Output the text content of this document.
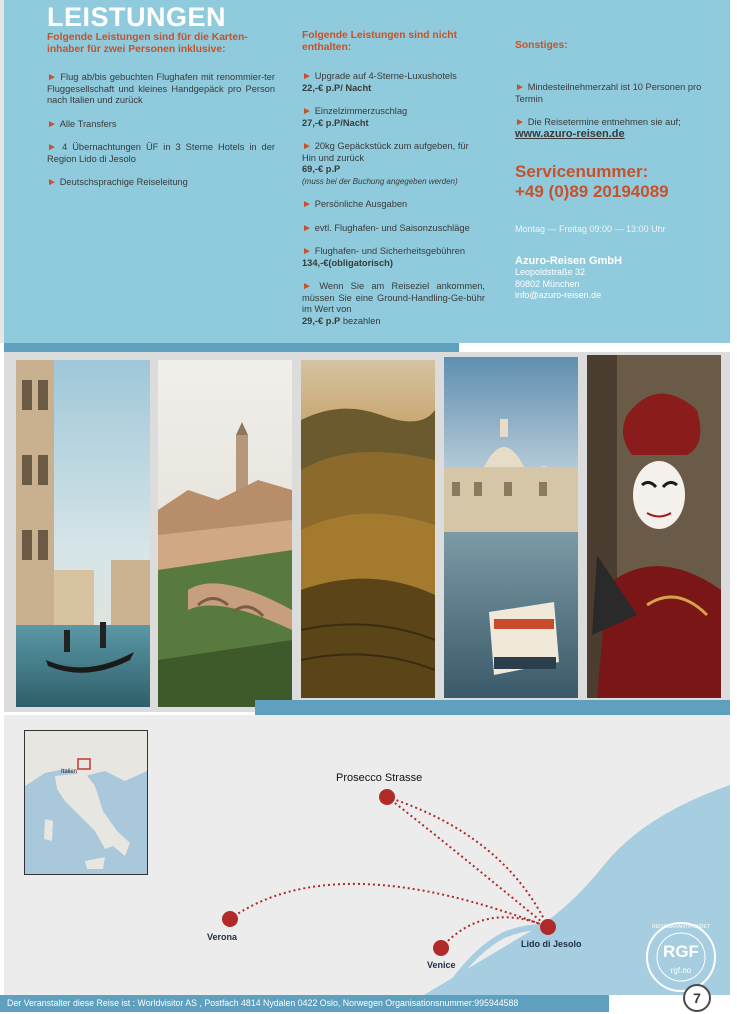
LEISTUNGEN

Folgende Leistungen sind für die Karten-inhaber für zwei Personen inklusive:

► Flug ab/bis gebuchten Flughafen mit renommier-ter Fluggesellschaft und kleines Handgepäck pro Person nach Italien und zurück

► Alle Transfers

► 4 Übernachtungen ÜF in 3 Sterne Hotels in der Region Lido di Jesolo

► Deutschsprachige Reiseleitung

Folgende Leistungen sind nicht enthalten:

► Upgrade auf 4-Sterne-Luxushotels
22,-€ p.P/ Nacht

► Einzelzimmerzuschlag
27,-€ p.P/Nacht

► 20kg Gepäckstück zum aufgeben, für Hin und zurück
69,-€ p.P
(muss bei der Buchung angegeben werden)

► Persönliche Ausgaben

► evtl. Flughafen- und Saisonzuschläge

► Flughafen- und Sicherheitsgebühren
134,-€(obligatorisch)

► Wenn Sie am Reiseziel ankommen, müssen Sie eine Ground-Handling-Ge-bühr im Wert von
29,-€ p.P bezahlen

Sonstiges:

► Mindesteilnehmerzahl ist 10 Personen pro Termin

► Die Reisetermine entnehmen sie auf;

www.azuro-reisen.de
Servicenummer:
+49 (0)89 20194089
Montag — Freitag 09:00 — 13:00 Uhr
Azuro-Reisen GmbH
Leopoldstraße 32
80802 München
info@azuro-reisen.de
Italien	Prosecco Strasse
Verona
Venice
Lido di Jesolo	RGF
REISEGARANTIFONDET
rgf.no
Der Veranstalter diese Reise ist : Worldvisitor AS , Postfach 4814 Nydalen 0422 Oslo, Norwegen Organisationsnummer:995944588	7
